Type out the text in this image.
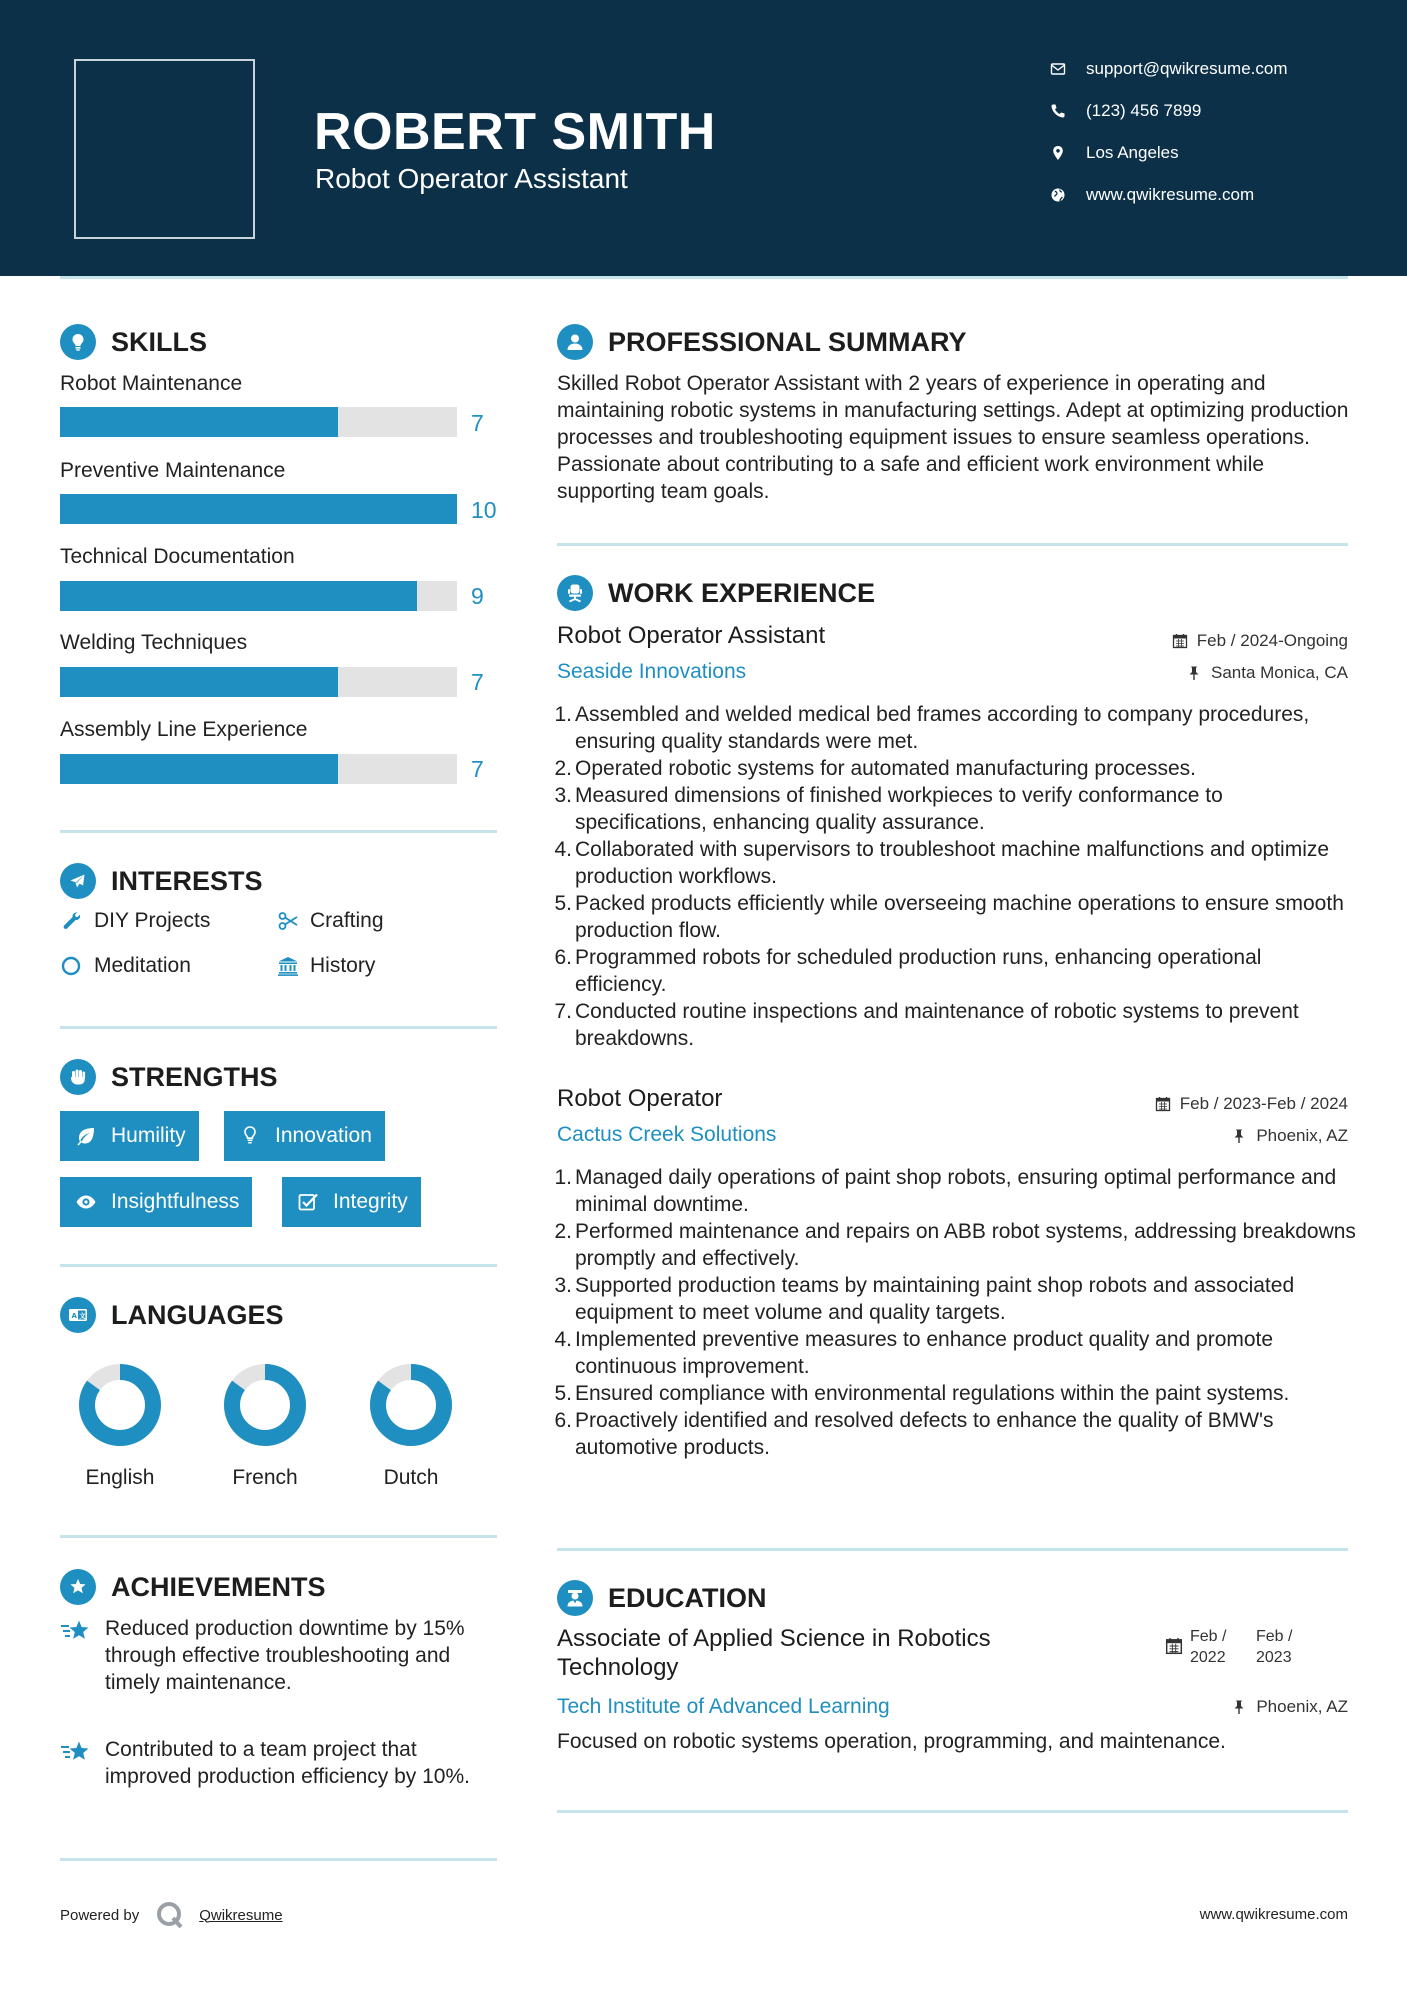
ROBERT SMITH
Robot Operator Assistant
support@qwikresume.com
(123) 456 7899
Los Angeles
www.qwikresume.com
SKILLS
Robot Maintenance
7
Preventive Maintenance
10
Technical Documentation
9
Welding Techniques
7
Assembly Line Experience
7
INTERESTS
DIY Projects	Crafting
Meditation	History
STRENGTHS
Humility	Innovation
Insightfulness	Integrity
A 文 LANGUAGES
English	French	Dutch
ACHIEVEMENTS
Reduced production downtime by 15% through effective troubleshooting and timely maintenance.
Contributed to a team project that improved production efficiency by 10%.
PROFESSIONAL SUMMARY
Skilled Robot Operator Assistant with 2 years of experience in operating and maintaining robotic systems in manufacturing settings. Adept at optimizing production processes and troubleshooting equipment issues to ensure seamless operations. Passionate about contributing to a safe and efficient work environment while supporting team goals.
WORK EXPERIENCE
Robot Operator Assistant	Feb / 2024-Ongoing
Seaside Innovations	Santa Monica, CA
1. Assembled and welded medical bed frames according to company procedures, ensuring quality standards were met.
2. Operated robotic systems for automated manufacturing processes.
3. Measured dimensions of finished workpieces to verify conformance to specifications, enhancing quality assurance.
4. Collaborated with supervisors to troubleshoot machine malfunctions and optimize production workflows.
5. Packed products efficiently while overseeing machine operations to ensure smooth production flow.
6. Programmed robots for scheduled production runs, enhancing operational efficiency.
7. Conducted routine inspections and maintenance of robotic systems to prevent breakdowns.
Robot Operator	Feb / 2023-Feb / 2024
Cactus Creek Solutions	Phoenix, AZ
1. Managed daily operations of paint shop robots, ensuring optimal performance and minimal downtime.
2. Performed maintenance and repairs on ABB robot systems, addressing breakdowns promptly and effectively.
3. Supported production teams by maintaining paint shop robots and associated equipment to meet volume and quality targets.
4. Implemented preventive measures to enhance product quality and promote continuous improvement.
5. Ensured compliance with environmental regulations within the paint systems.
6. Proactively identified and resolved defects to enhance the quality of BMW's automotive products.
EDUCATION
Associate of Applied Science in Robotics Technology
Feb /
2022
Feb /
2023
Tech Institute of Advanced Learning	Phoenix, AZ
Focused on robotic systems operation, programming, and maintenance.
Powered by	Qwikresume	www.qwikresume.com
